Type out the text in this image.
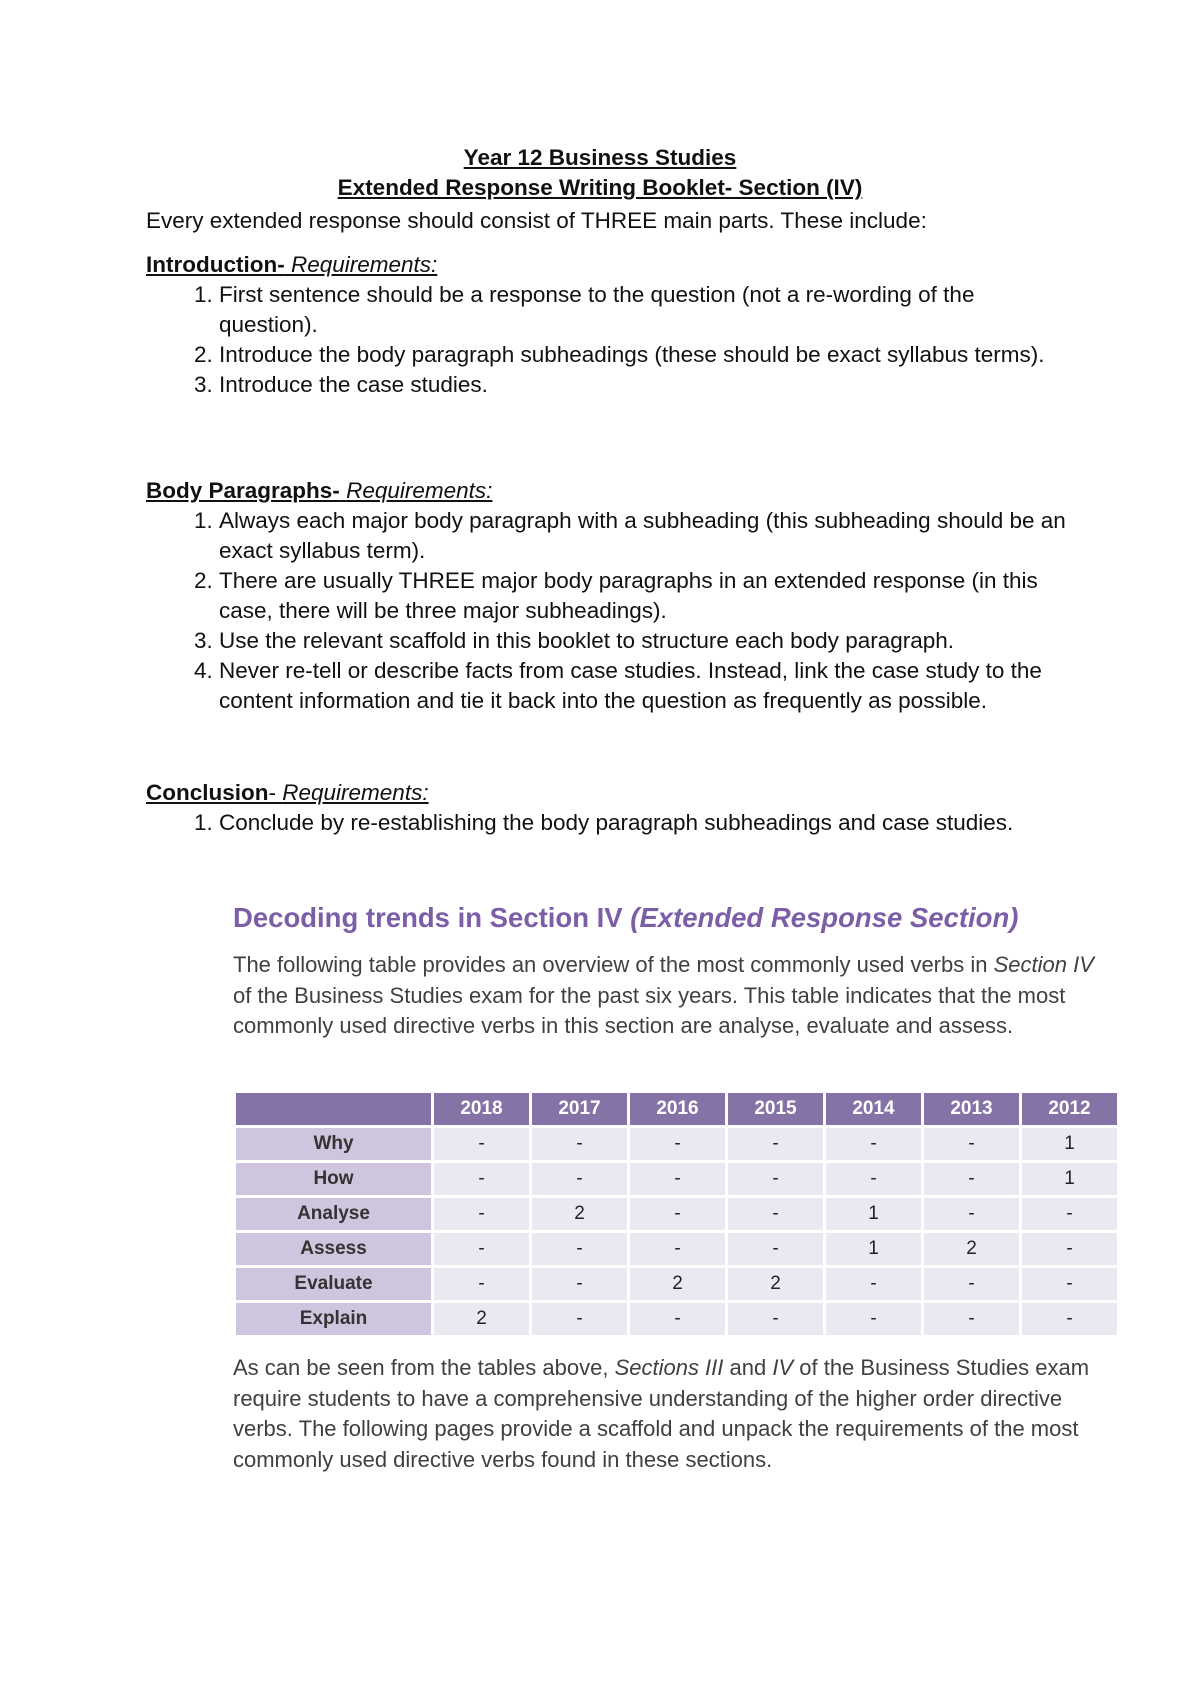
Year 12 Business Studies
Extended Response Writing Booklet- Section (IV)
Every extended response should consist of THREE main parts. These include:
Introduction- Requirements:
1. First sentence should be a response to the question (not a re-wording of the question).
2. Introduce the body paragraph subheadings (these should be exact syllabus terms).
3. Introduce the case studies.
Body Paragraphs- Requirements:
1. Always each major body paragraph with a subheading (this subheading should be an exact syllabus term).
2. There are usually THREE major body paragraphs in an extended response (in this case, there will be three major subheadings).
3. Use the relevant scaffold in this booklet to structure each body paragraph.
4. Never re-tell or describe facts from case studies. Instead, link the case study to the content information and tie it back into the question as frequently as possible.
Conclusion- Requirements:
1. Conclude by re-establishing the body paragraph subheadings and case studies.
Decoding trends in Section IV (Extended Response Section)
The following table provides an overview of the most commonly used verbs in Section IV of the Business Studies exam for the past six years. This table indicates that the most commonly used directive verbs in this section are analyse, evaluate and assess.
	2018	2017	2016	2015	2014	2013	2012
Why	-	-	-	-	-	-	1
How	-	-	-	-	-	-	1
Analyse	-	2	-	-	1	-	-
Assess	-	-	-	-	1	2	-
Evaluate	-	-	2	2	-	-	-
Explain	2	-	-	-	-	-	-
As can be seen from the tables above, Sections III and IV of the Business Studies exam require students to have a comprehensive understanding of the higher order directive verbs. The following pages provide a scaffold and unpack the requirements of the most commonly used directive verbs found in these sections.
